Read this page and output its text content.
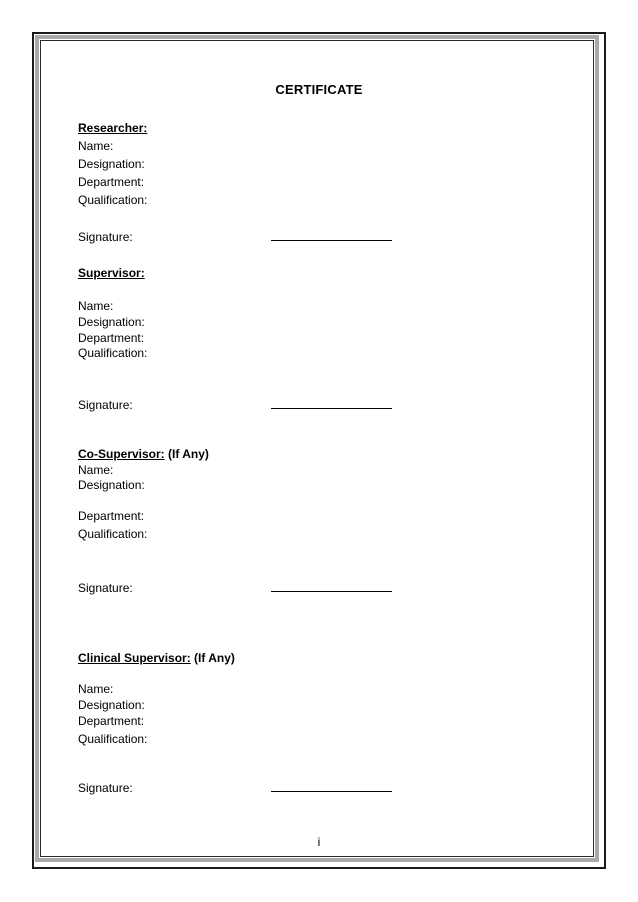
CERTIFICATE
Researcher:
Name:
Designation:
Department:
Qualification:
Signature:
Supervisor:
Name:
Designation:
Department:
Qualification:
Signature:
Co-Supervisor: (If Any)
Name:
Designation:
Department:
Qualification:
Signature:
Clinical Supervisor: (If Any)
Name:
Designation:
Department:
Qualification:
Signature:
i
